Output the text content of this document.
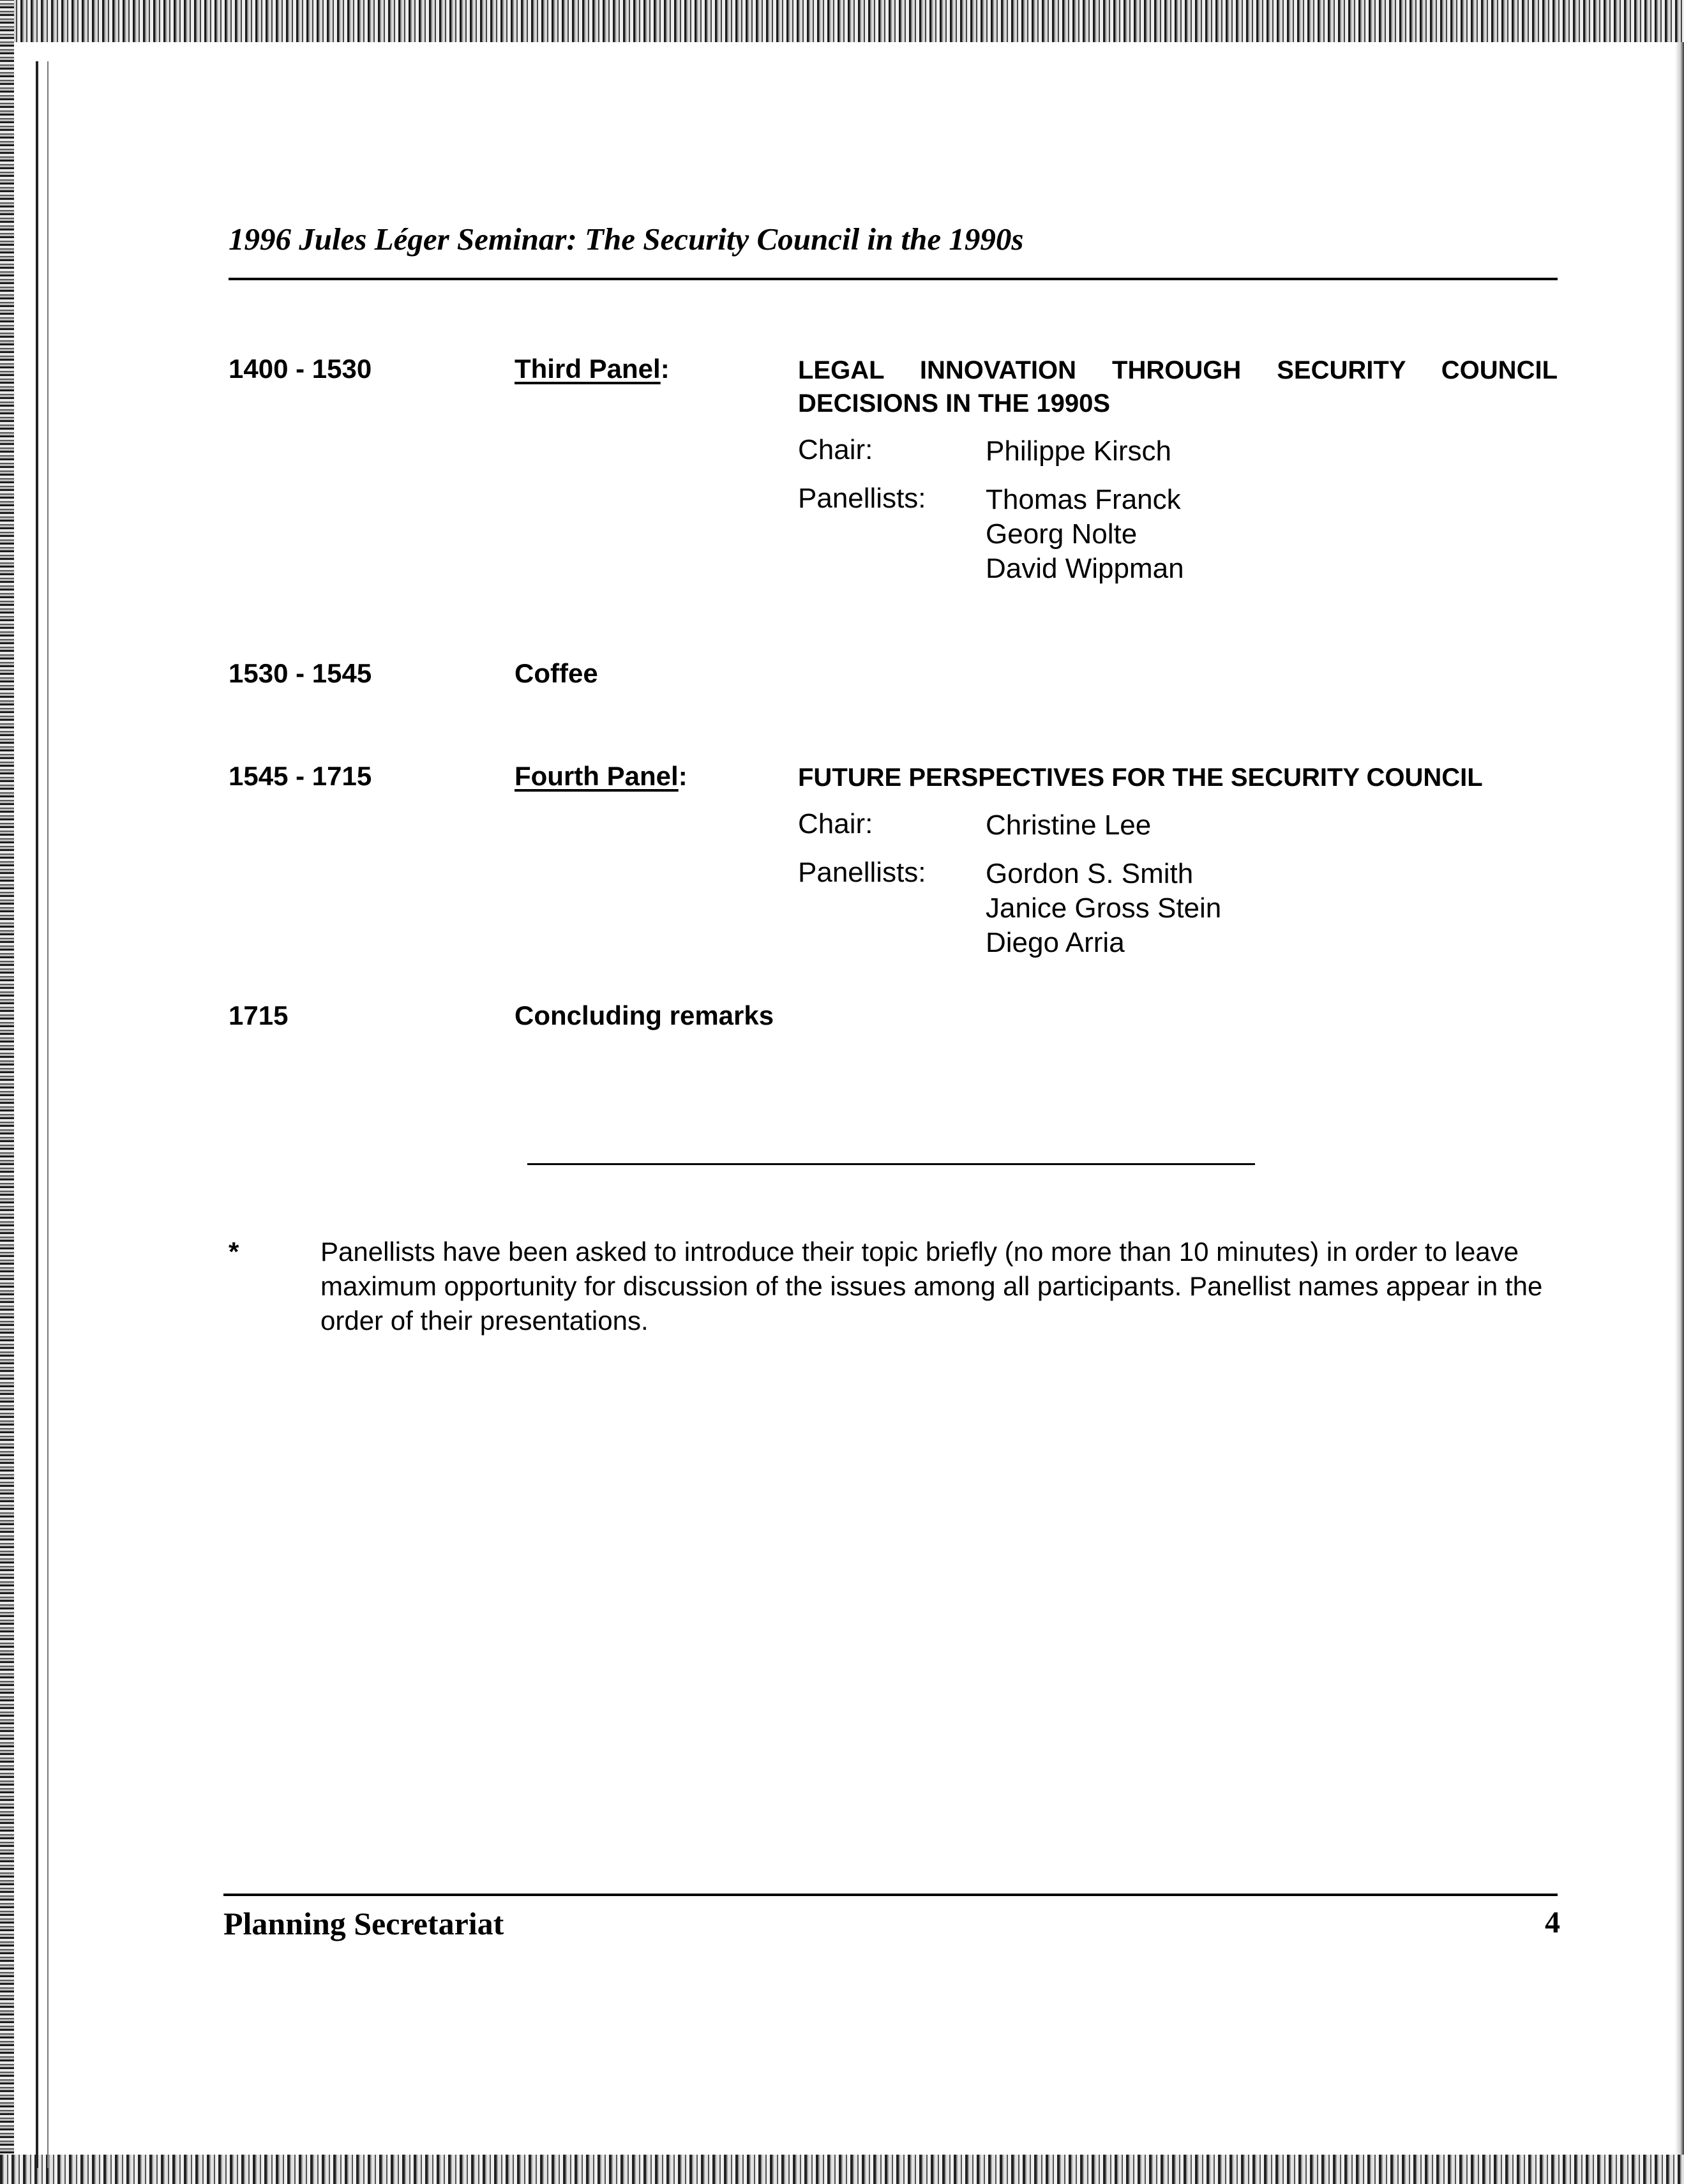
1996 Jules Léger Seminar: The Security Council in the 1990s
1400 - 1530	Third Panel:	LEGAL INNOVATION THROUGH SECURITY COUNCIL DECISIONS IN THE 1990S
Chair:	Philippe Kirsch
Panellists:	Thomas Franck
Georg Nolte
David Wippman
1530 - 1545	Coffee
1545 - 1715	Fourth Panel:	FUTURE PERSPECTIVES FOR THE SECURITY COUNCIL
Chair:	Christine Lee
Panellists:	Gordon S. Smith
Janice Gross Stein
Diego Arria
1715	Concluding remarks
*	Panellists have been asked to introduce their topic briefly (no more than 10 minutes) in order to leave maximum opportunity for discussion of the issues among all participants. Panellist names appear in the order of their presentations.
Planning Secretariat	4
